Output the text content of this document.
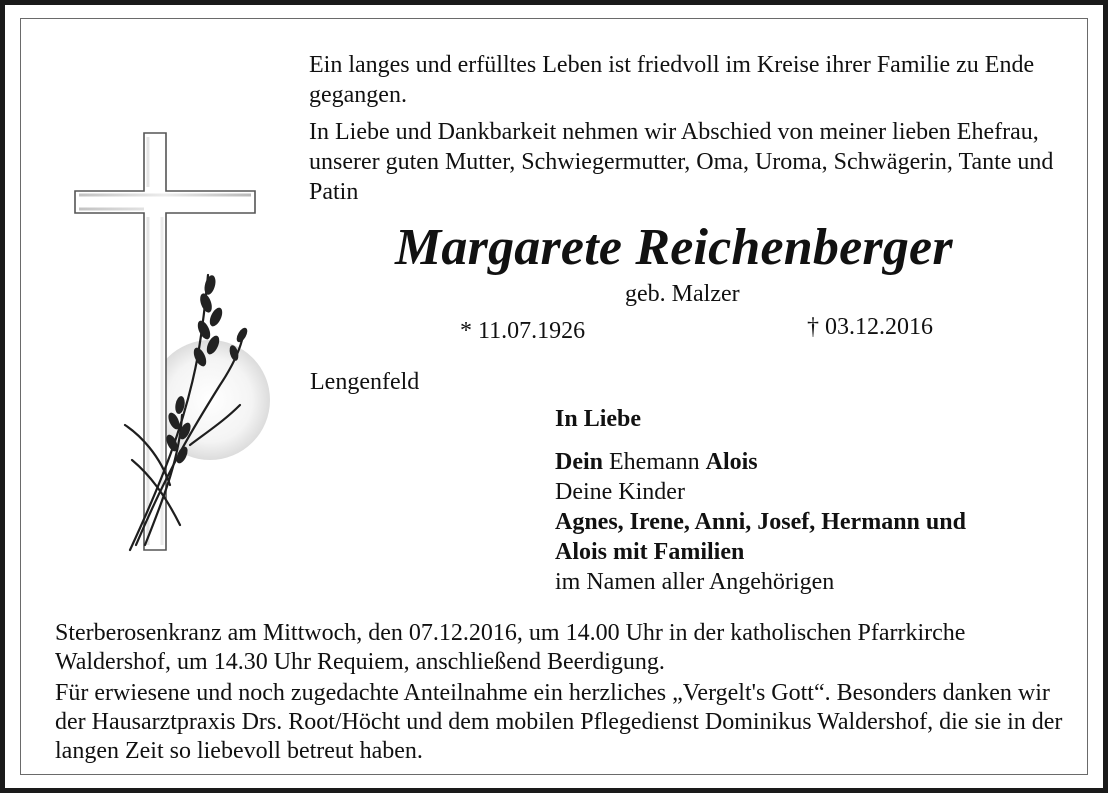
Ein langes und erfülltes Leben ist friedvoll im Kreise ihrer Familie zu Ende gegangen.

In Liebe und Dankbarkeit nehmen wir Abschied von meiner lieben Ehefrau, unserer guten Mutter, Schwiegermutter, Oma, Uroma, Schwägerin, Tante und Patin

Margarete Reichenberger
geb. Malzer
* 11.07.1926	† 03.12.2016
Lengenfeld
In Liebe
Dein Ehemann Alois
Deine Kinder
Agnes, Irene, Anni, Josef, Hermann und
Alois mit Familien
im Namen aller Angehörigen

Sterberosenkranz am Mittwoch, den 07.12.2016, um 14.00 Uhr in der katholischen Pfarrkirche Waldershof, um 14.30 Uhr Requiem, anschließend Beerdigung.

Für erwiesene und noch zugedachte Anteilnahme ein herzliches „Vergelt's Gott“. Besonders danken wir der Hausarztpraxis Drs. Root/Höcht und dem mobilen Pflegedienst Dominikus Waldershof, die sie in der langen Zeit so liebevoll betreut haben.
